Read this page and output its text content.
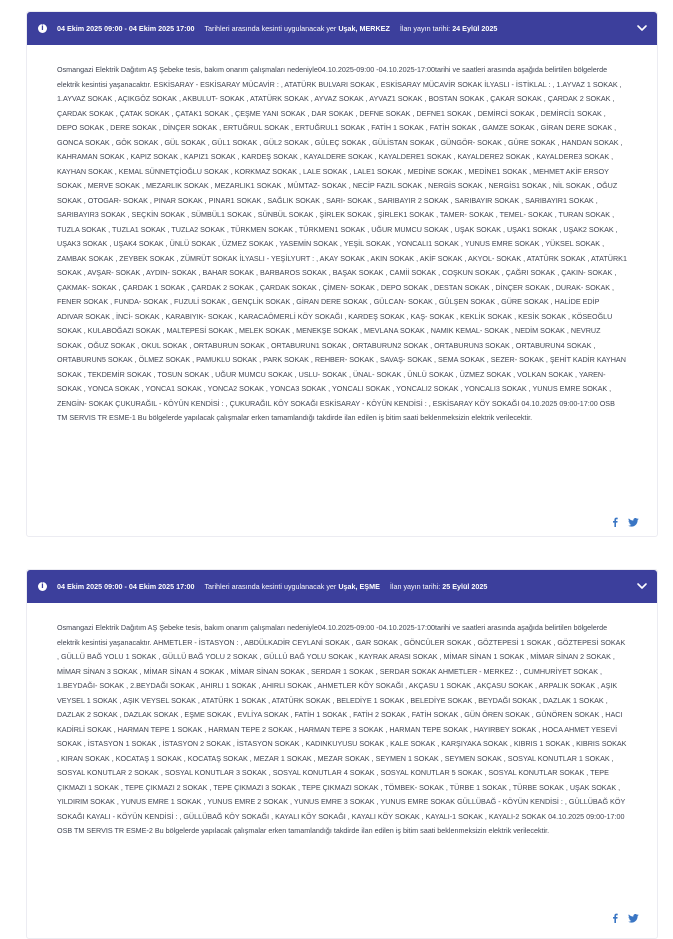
i	04 Ekim 2025 09:00 - 04 Ekim 2025 17:00 Tarihleri arasında kesinti uygulanacak yer Uşak, MERKEZ İlan yayın tarihi: 24 Eylül 2025
Osmangazi Elektrik Dağıtım AŞ Şebeke tesis, bakım onarım çalışmaları nedeniyle04.10.2025-09:00 -04.10.2025-17:00tarihi ve saatleri arasında aşağıda belirtilen bölgelerde elektrik kesintisi yaşanacaktır. ESKİSARAY - ESKİSARAY MÜCAVİR : , ATATÜRK BULVARI SOKAK , ESKİSARAY MÜCAVİR SOKAK İLYASLI - İSTİKLAL : , 1.AYVAZ 1 SOKAK , 1.AYVAZ SOKAK , AÇIKGÖZ SOKAK , AKBULUT- SOKAK , ATATÜRK SOKAK , AYVAZ SOKAK , AYVAZ1 SOKAK , BOSTAN SOKAK , ÇAKAR SOKAK , ÇARDAK 2 SOKAK , ÇARDAK SOKAK , ÇATAK SOKAK , ÇATAK1 SOKAK , ÇEŞME YANI SOKAK , DAR SOKAK , DEFNE SOKAK , DEFNE1 SOKAK , DEMİRCİ SOKAK , DEMİRCİ1 SOKAK , DEPO SOKAK , DERE SOKAK , DİNÇER SOKAK , ERTUĞRUL SOKAK , ERTUĞRUL1 SOKAK , FATİH 1 SOKAK , FATİH SOKAK , GAMZE SOKAK , GİRAN DERE SOKAK , GONCA SOKAK , GÖK SOKAK , GÜL SOKAK , GÜL1 SOKAK , GÜL2 SOKAK , GÜLEÇ SOKAK , GÜLİSTAN SOKAK , GÜNGÖR- SOKAK , GÜRE SOKAK , HANDAN SOKAK , KAHRAMAN SOKAK , KAPIZ SOKAK , KAPIZ1 SOKAK , KARDEŞ SOKAK , KAYALDERE SOKAK , KAYALDERE1 SOKAK , KAYALDERE2 SOKAK , KAYALDERE3 SOKAK , KAYHAN SOKAK , KEMAL SÜNNETÇİOĞLU SOKAK , KORKMAZ SOKAK , LALE SOKAK , LALE1 SOKAK , MEDİNE SOKAK , MEDİNE1 SOKAK , MEHMET AKİF ERSOY SOKAK , MERVE SOKAK , MEZARLIK SOKAK , MEZARLIK1 SOKAK , MÜMTAZ- SOKAK , NECİP FAZIL SOKAK , NERGİS SOKAK , NERGİS1 SOKAK , NİL SOKAK , OĞUZ SOKAK , OTOGAR- SOKAK , PINAR SOKAK , PINAR1 SOKAK , SAĞLIK SOKAK , SARI- SOKAK , SARIBAYIR 2 SOKAK , SARIBAYIR SOKAK , SARIBAYIR1 SOKAK , SARIBAYIR3 SOKAK , SEÇKİN SOKAK , SÜMBÜL1 SOKAK , SÜNBÜL SOKAK , ŞİRLEK SOKAK , ŞİRLEK1 SOKAK , TAMER- SOKAK , TEMEL- SOKAK , TURAN SOKAK , TUZLA SOKAK , TUZLA1 SOKAK , TUZLA2 SOKAK , TÜRKMEN SOKAK , TÜRKMEN1 SOKAK , UĞUR MUMCU SOKAK , UŞAK SOKAK , UŞAK1 SOKAK , UŞAK2 SOKAK , UŞAK3 SOKAK , UŞAK4 SOKAK , ÜNLÜ SOKAK , ÜZMEZ SOKAK , YASEMİN SOKAK , YEŞİL SOKAK , YONCALI1 SOKAK , YUNUS EMRE SOKAK , YÜKSEL SOKAK , ZAMBAK SOKAK , ZEYBEK SOKAK , ZÜMRÜT SOKAK İLYASLI - YEŞİLYURT : , AKAY SOKAK , AKIN SOKAK , AKİF SOKAK , AKYOL- SOKAK , ATATÜRK SOKAK , ATATÜRK1 SOKAK , AVŞAR- SOKAK , AYDIN- SOKAK , BAHAR SOKAK , BARBAROS SOKAK , BAŞAK SOKAK , CAMİİ SOKAK , COŞKUN SOKAK , ÇAĞRI SOKAK , ÇAKIN- SOKAK , ÇAKMAK- SOKAK , ÇARDAK 1 SOKAK , ÇARDAK 2 SOKAK , ÇARDAK SOKAK , ÇİMEN- SOKAK , DEPO SOKAK , DESTAN SOKAK , DİNÇER SOKAK , DURAK- SOKAK , FENER SOKAK , FUNDA- SOKAK , FUZULİ SOKAK , GENÇLİK SOKAK , GİRAN DERE SOKAK , GÜLCAN- SOKAK , GÜLŞEN SOKAK , GÜRE SOKAK , HALİDE EDİP ADIVAR SOKAK , İNCİ- SOKAK , KARABIYIK- SOKAK , KARACAÖMERLİ KÖY SOKAĞI , KARDEŞ SOKAK , KAŞ- SOKAK , KEKLİK SOKAK , KESİK SOKAK , KÖSEOĞLU SOKAK , KULABOĞAZI SOKAK , MALTEPESİ SOKAK , MELEK SOKAK , MENEKŞE SOKAK , MEVLANA SOKAK , NAMIK KEMAL- SOKAK , NEDİM SOKAK , NEVRUZ SOKAK , OĞUZ SOKAK , OKUL SOKAK , ORTABURUN SOKAK , ORTABURUN1 SOKAK , ORTABURUN2 SOKAK , ORTABURUN3 SOKAK , ORTABURUN4 SOKAK , ORTABURUN5 SOKAK , ÖLMEZ SOKAK , PAMUKLU SOKAK , PARK SOKAK , REHBER- SOKAK , SAVAŞ- SOKAK , SEMA SOKAK , SEZER- SOKAK , ŞEHİT KADİR KAYHAN SOKAK , TEKDEMİR SOKAK , TOSUN SOKAK , UĞUR MUMCU SOKAK , USLU- SOKAK , ÜNAL- SOKAK , ÜNLÜ SOKAK , ÜZMEZ SOKAK , VOLKAN SOKAK , YAREN- SOKAK , YONCA SOKAK , YONCA1 SOKAK , YONCA2 SOKAK , YONCA3 SOKAK , YONCALI SOKAK , YONCALI2 SOKAK , YONCALI3 SOKAK , YUNUS EMRE SOKAK , ZENGİN- SOKAK ÇUKURAĞIL - KÖYÜN KENDİSİ : , ÇUKURAĞIL KÖY SOKAĞI ESKİSARAY - KÖYÜN KENDİSİ : , ESKİSARAY KÖY SOKAĞI 04.10.2025 09:00-17:00 OSB TM SERVIS TR ESME-1 Bu bölgelerde yapılacak çalışmalar erken tamamlandığı takdirde ilan edilen iş bitim saati beklenmeksizin elektrik verilecektir.
i	04 Ekim 2025 09:00 - 04 Ekim 2025 17:00 Tarihleri arasında kesinti uygulanacak yer Uşak, EŞME İlan yayın tarihi: 25 Eylül 2025
Osmangazi Elektrik Dağıtım AŞ Şebeke tesis, bakım onarım çalışmaları nedeniyle04.10.2025-09:00 -04.10.2025-17:00tarihi ve saatleri arasında aşağıda belirtilen bölgelerde elektrik kesintisi yaşanacaktır. AHMETLER - İSTASYON : , ABDÜLKADİR CEYLANİ SOKAK , GAR SOKAK , GÖNCÜLER SOKAK , GÖZTEPESİ 1 SOKAK , GÖZTEPESİ SOKAK , GÜLLÜ BAĞ YOLU 1 SOKAK , GÜLLÜ BAĞ YOLU 2 SOKAK , GÜLLÜ BAĞ YOLU SOKAK , KAYRAK ARASI SOKAK , MİMAR SİNAN 1 SOKAK , MİMAR SİNAN 2 SOKAK , MİMAR SİNAN 3 SOKAK , MİMAR SİNAN 4 SOKAK , MİMAR SİNAN SOKAK , SERDAR 1 SOKAK , SERDAR SOKAK AHMETLER - MERKEZ : , CUMHURİYET SOKAK , 1.BEYDAĞI- SOKAK , 2.BEYDAĞI SOKAK , AHIRLI 1 SOKAK , AHIRLI SOKAK , AHMETLER KÖY SOKAĞI , AKÇASU 1 SOKAK , AKÇASU SOKAK , ARPALIK SOKAK , AŞIK VEYSEL 1 SOKAK , AŞIK VEYSEL SOKAK , ATATÜRK 1 SOKAK , ATATÜRK SOKAK , BELEDİYE 1 SOKAK , BELEDİYE SOKAK , BEYDAĞI SOKAK , DAZLAK 1 SOKAK , DAZLAK 2 SOKAK , DAZLAK SOKAK , EŞME SOKAK , EVLİYA SOKAK , FATİH 1 SOKAK , FATİH 2 SOKAK , FATİH SOKAK , GÜN ÖREN SOKAK , GÜNÖREN SOKAK , HACI KADİRLİ SOKAK , HARMAN TEPE 1 SOKAK , HARMAN TEPE 2 SOKAK , HARMAN TEPE 3 SOKAK , HARMAN TEPE SOKAK , HAYIRBEY SOKAK , HOCA AHMET YESEVİ SOKAK , İSTASYON 1 SOKAK , İSTASYON 2 SOKAK , İSTASYON SOKAK , KADINKUYUSU SOKAK , KALE SOKAK , KARŞIYAKA SOKAK , KIBRIS 1 SOKAK , KIBRIS SOKAK , KIRAN SOKAK , KOCATAŞ 1 SOKAK , KOCATAŞ SOKAK , MEZAR 1 SOKAK , MEZAR SOKAK , SEYMEN 1 SOKAK , SEYMEN SOKAK , SOSYAL KONUTLAR 1 SOKAK , SOSYAL KONUTLAR 2 SOKAK , SOSYAL KONUTLAR 3 SOKAK , SOSYAL KONUTLAR 4 SOKAK , SOSYAL KONUTLAR 5 SOKAK , SOSYAL KONUTLAR SOKAK , TEPE ÇIKMAZI 1 SOKAK , TEPE ÇIKMAZI 2 SOKAK , TEPE ÇIKMAZI 3 SOKAK , TEPE ÇIKMAZI SOKAK , TÖMBEK- SOKAK , TÜRBE 1 SOKAK , TÜRBE SOKAK , UŞAK SOKAK , YILDIRIM SOKAK , YUNUS EMRE 1 SOKAK , YUNUS EMRE 2 SOKAK , YUNUS EMRE 3 SOKAK , YUNUS EMRE SOKAK GÜLLÜBAĞ - KÖYÜN KENDİSİ : , GÜLLÜBAĞ KÖY SOKAĞI KAYALI - KÖYÜN KENDİSİ : , GÜLLÜBAĞ KÖY SOKAĞI , KAYALI KÖY SOKAĞI , KAYALI KÖY SOKAK , KAYALI-1 SOKAK , KAYALI-2 SOKAK 04.10.2025 09:00-17:00 OSB TM SERVIS TR ESME-2 Bu bölgelerde yapılacak çalışmalar erken tamamlandığı takdirde ilan edilen iş bitim saati beklenmeksizin elektrik verilecektir.
